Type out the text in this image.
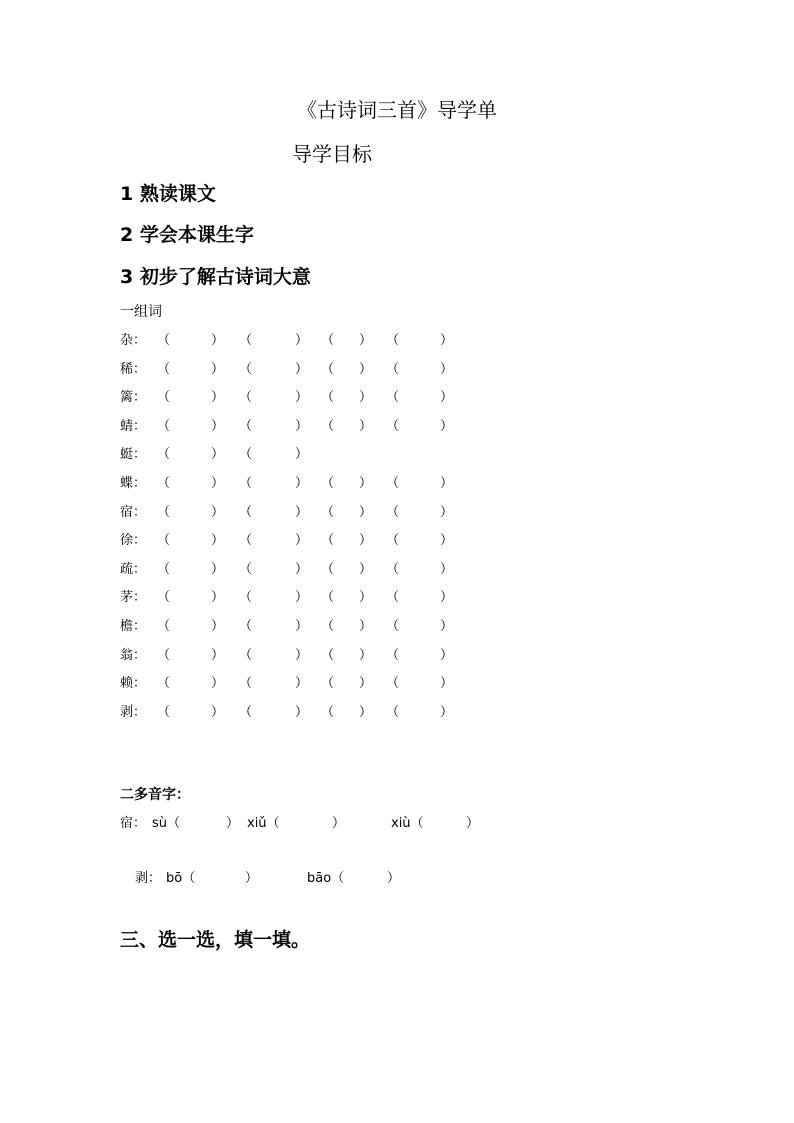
《古诗词三首》导学单
导学目标
1 熟读课文
2 学会本课生字
3 初步了解古诗词大意
一组词
杂： （	） （	） （ ） （	）
稀： （	） （	） （ ） （	）
篱： （	） （	） （ ） （	）
蜻： （	） （	） （ ） （	）
蜓： （	） （	）
蝶： （	） （	） （ ） （	）
宿： （	） （	） （ ） （	）
徐： （	） （	） （ ） （	）
疏： （	） （	） （ ） （	）
茅： （	） （	） （ ） （	）
檐： （	） （	） （ ） （	）
翁： （	） （	） （ ） （	）
赖： （	） （	） （ ） （	）
剥： （	） （	） （ ） （	）
二多音字：
宿： sù（	） xiǔ（	）	xiù（	）
剥： bō（	）	bāo（	）
三、选一选，填一填。
